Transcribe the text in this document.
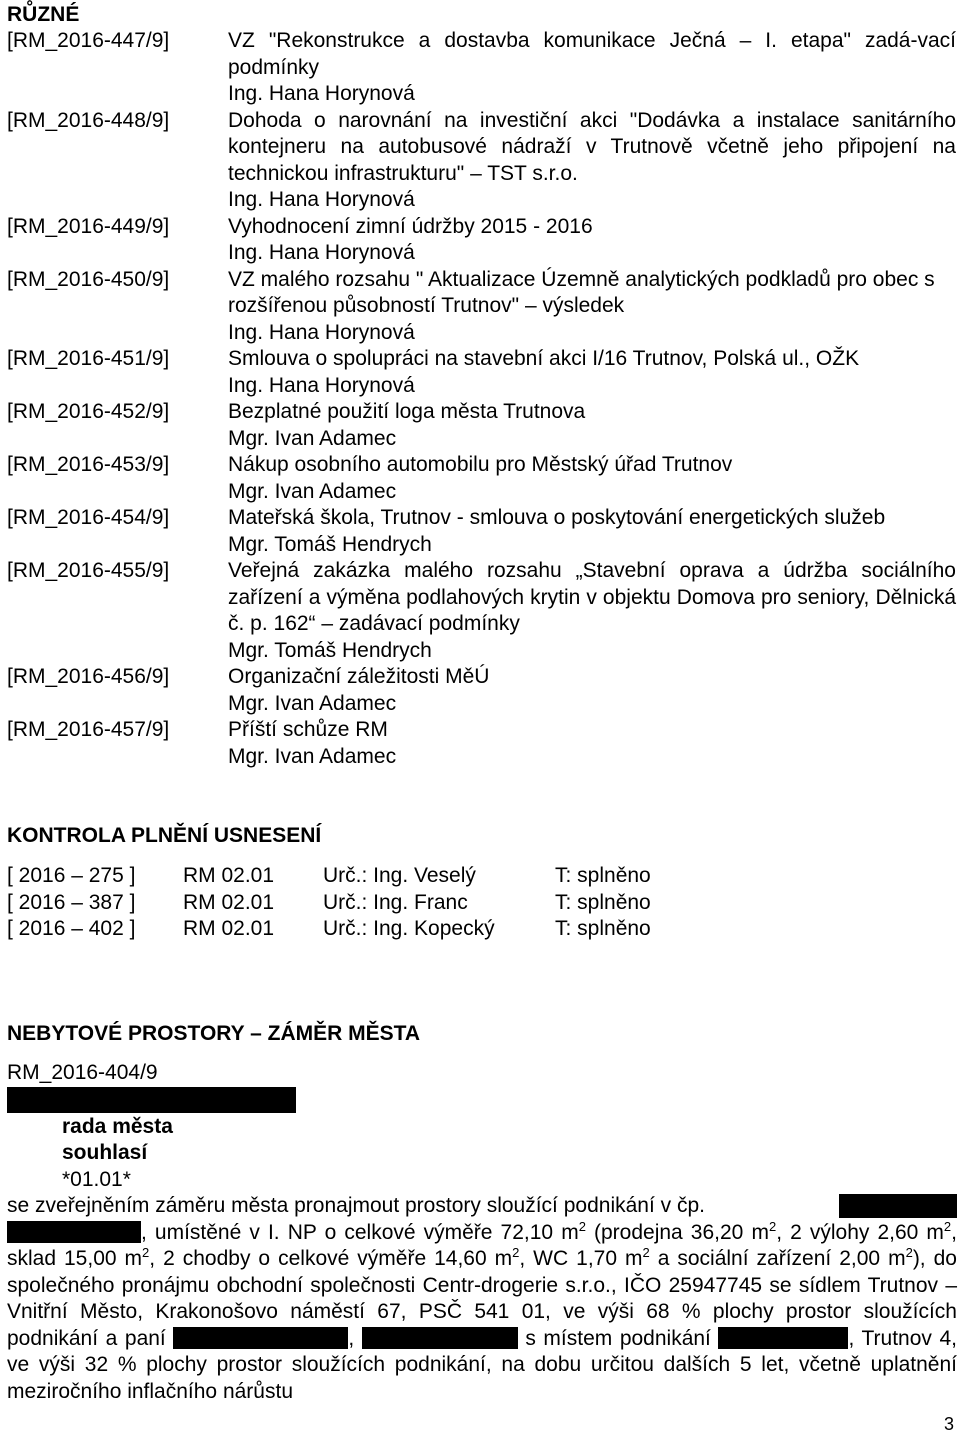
RŮZNÉ
[RM_2016-447/9]	VZ "Rekonstrukce a dostavba komunikace Ječná – I. etapa" zadá-vací podmínky
Ing. Hana Horynová
[RM_2016-448/9]	Dohoda o narovnání na investiční akci "Dodávka a instalace sanitárního kontejneru na autobusové nádraží v Trutnově včetně jeho připojení na technickou infrastrukturu" – TST s.r.o.
Ing. Hana Horynová
[RM_2016-449/9]	Vyhodnocení zimní údržby 2015 - 2016
Ing. Hana Horynová
[RM_2016-450/9]	VZ malého rozsahu " Aktualizace Územně analytických podkladů pro obec s rozšířenou působností Trutnov" – výsledek
Ing. Hana Horynová
[RM_2016-451/9]	Smlouva o spolupráci na stavební akci I/16 Trutnov, Polská ul., OŽK
Ing. Hana Horynová
[RM_2016-452/9]	Bezplatné použití loga města Trutnova
Mgr. Ivan Adamec
[RM_2016-453/9]	Nákup osobního automobilu pro Městský úřad Trutnov
Mgr. Ivan Adamec
[RM_2016-454/9]	Mateřská škola, Trutnov - smlouva o poskytování energetických služeb
Mgr. Tomáš Hendrych
[RM_2016-455/9]	Veřejná zakázka malého rozsahu „Stavební oprava a údržba sociálního zařízení a výměna podlahových krytin v objektu Domova pro seniory, Dělnická č. p. 162“ – zadávací podmínky
Mgr. Tomáš Hendrych
[RM_2016-456/9]	Organizační záležitosti MěÚ
Mgr. Ivan Adamec
[RM_2016-457/9]	Příští schůze RM
Mgr. Ivan Adamec
KONTROLA PLNĚNÍ USNESENÍ
[ 2016 – 275 ]	RM 02.01	Urč.: Ing. Veselý	T: splněno
[ 2016 – 387 ]	RM 02.01	Urč.: Ing. Franc	T: splněno
[ 2016 – 402 ]	RM 02.01	Urč.: Ing. Kopecký	T: splněno
NEBYTOVÉ PROSTORY – ZÁMĚR MĚSTA
RM_2016-404/9
rada města
souhlasí
*01.01*
se zveřejněním záměru města pronajmout prostory sloužící podnikání v čp.

, umístěné v I. NP o celkové výměře 72,10 $m^2$ (prodejna 36,20 $m^2$, 2 výlohy 2,60 $m^2$, sklad 15,00 $m^2$, 2 chodby o celkové výměře 14,60 $m^2$, WC 1,70 $m^2$ a sociální zařízení 2,00 $m^2$), do společného pronájmu obchodní společnosti Centr-drogerie s.r.o., IČO 25947745 se sídlem Trutnov – Vnitřní Město, Krakonošovo náměstí 67, PSČ 541 01, ve výši 68 % plochy prostor sloužících podnikání a paní	,	s místem podnikání	, Trutnov 4, ve výši 32 % plochy prostor sloužících podnikání, na dobu určitou dalších 5 let, včetně uplatnění meziročního inflačního nárůstu
3
